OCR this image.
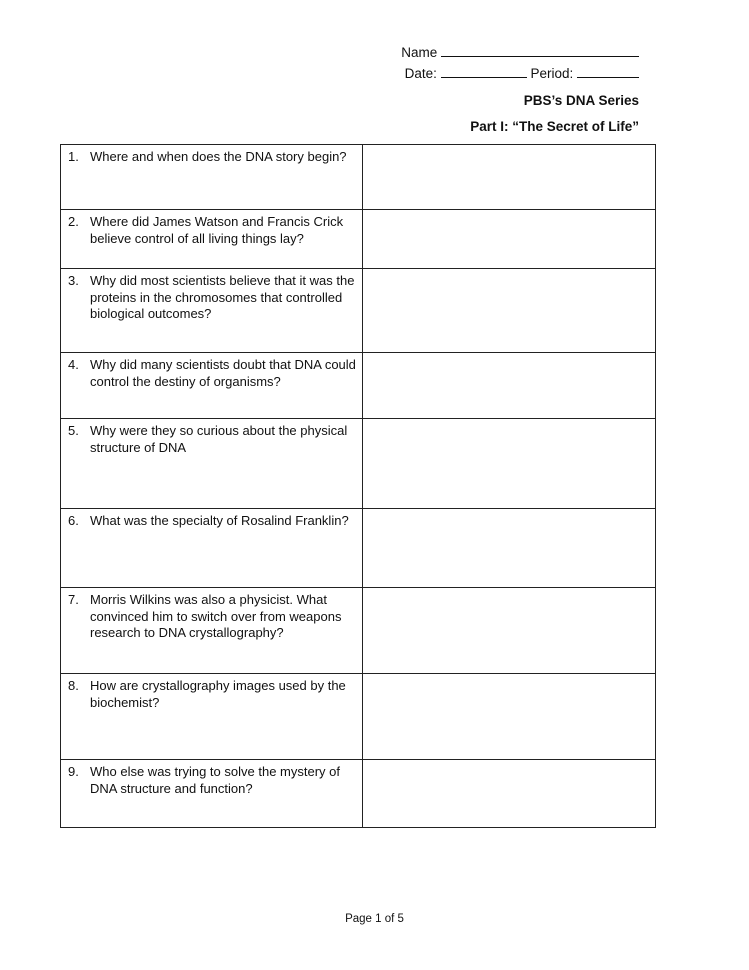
Name
Date:	Period:
PBS’s DNA Series
Part I: “The Secret of Life”
1. Where and when does the DNA story begin?	

2. Where did James Watson and Francis Crick believe control of all living things lay?	

3. Why did most scientists believe that it was the proteins in the chromosomes that controlled biological outcomes?	

4. Why did many scientists doubt that DNA could control the destiny of organisms?	

5. Why were they so curious about the physical structure of DNA	

6. What was the specialty of Rosalind Franklin?	

7. Morris Wilkins was also a physicist. What convinced him to switch over from weapons research to DNA crystallography?	

8. How are crystallography images used by the biochemist?	

9. Who else was trying to solve the mystery of DNA structure and function?	

Page 1 of 5
